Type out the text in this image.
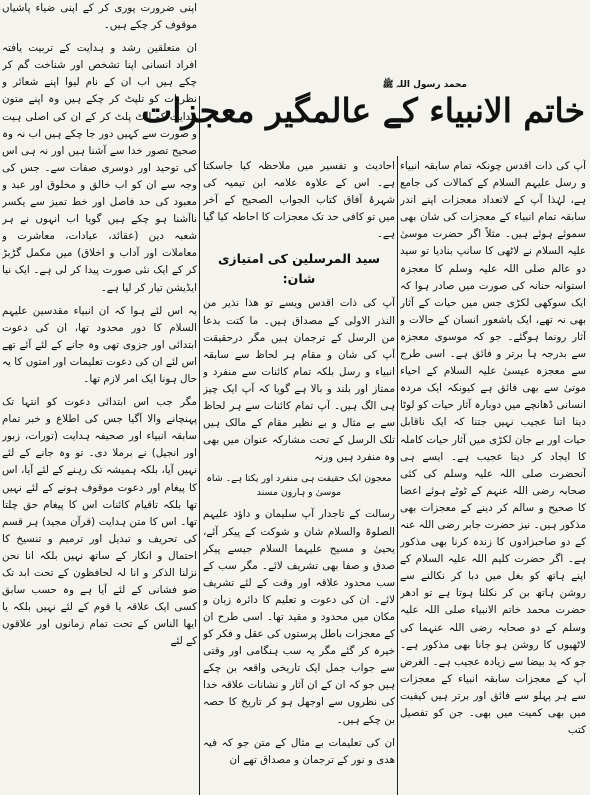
اپنی ضرورت پوری کر کے اپنی ضیاء پاشیاں موقوف کر چکے ہیں۔

ان متعلقین رشد و ہدایت کے تربیت یافتہ افراد انسانی اپنا تشخص اور شناخت گم کر چکے ہیں اب ان کے نام لیوا اپنے شعائر و نظریات کو تلپٹ کر چکے ہیں وہ اپنے متون ہدایت کو الٹ پلٹ کر کے ان کی اصلی ہیت و صورت سے کہیں دور جا چکے ہیں اب نہ وہ صحیح تصور خدا سے آشنا ہیں اور نہ ہی اس کی توحید اور دوسری صفات سے۔ جس کی وجہ سے ان کو اب خالق و مخلوق اور عبد و معبود کی حد فاصل اور خط تمیز سے یکسر ناآشنا ہو چکے ہیں گویا اب انہوں نے ہر شعبہ دین (عقائد، عبادات، معاشرت و معاملات اور آداب و اخلاق) میں مکمل گڑبڑ کر کے ایک نئی صورت پیدا کر لی ہے۔ ایک نیا ایڈیشن تیار کر لیا ہے۔

یہ اس لئے ہوا کہ ان انبیاء مقدسین علیہم السلام کا دور محدود تھا، ان کی دعوت ابتدائی اور جزوی تھی وہ جانے کے لئے آئے تھے اس لئے ان کی دعوت تعلیمات اور امتوں کا یہ حال ہونا ایک امر لازم تھا۔

مگر جب اس ابتدائی دعوت کو انتہا تک پہنچانے والا آگیا جس کی اطلاع و خبر تمام سابقہ انبیاء اور صحیفہ ہدایت (تورات، زبور اور انجیل) نے برملا دی۔ تو وہ جانے کے لئے نہیں آیا، بلکہ ہمیشہ تک رہنے کے لئے آیا، اس کا پیغام اور دعوت موقوف ہونے کے لئے نہیں تھا بلکہ تاقیام کائنات اس کا پیغام حق چلتا تھا۔ اس کا متن ہدایت (قرآن مجید) ہر قسم کی تحریف و تبدیل اور ترمیم و تنسیخ کا احتمال و انکار کے ساتھ نہیں بلکہ انا نحن نزلنا الذکر و انا لہ لحافظون کے تحت ابد تک ضو فشانی کے لئے آیا ہے وہ حسب سابق کسی ایک علاقہ یا قوم کے لئے نہیں بلکہ یا ایھا الناس کے تحت تمام زمانوں اور علاقوں کے لئے

محمد رسول اللہ ﷺ
خاتم الانبیاء کے عالمگیر معجزات

آپ کی ذات اقدس چونکہ تمام سابقہ انبیاء و رسل علیہم السلام کے کمالات کی جامع ہے، لہٰذا آپ کے لاتعداد معجزات اپنے اندر سابقہ تمام انبیاء کے معجزات کی شان بھی سموئے ہوئے ہیں۔ مثلاً اگر حضرت موسیٰ علیہ السلام نے لاٹھی کا سانپ بنادیا تو سید دو عالم صلی اللہ علیہ وسلم کا معجزہ استوانہ حنانہ کی صورت میں صادر ہوا کہ ایک سوکھی لکڑی جس میں حیات کے آثار بھی نہ تھے، ایک باشعور انسان کے حالات و آثار رونما ہوگئے۔ جو کہ موسوی معجزہ سے بدرجہ ہا برتر و فائق ہے۔ اسی طرح سے معجزہ عیسیٰ علیہ السلام کے احیاء موتیٰ سے بھی فائق ہے کیونکہ ایک مردہ انسانی ڈھانچے میں دوبارہ آثار حیات کو لوٹا دینا اتنا عجیب نہیں جتنا کہ ایک ناقابل حیات اور بے جان لکڑی میں آثار حیات کاملہ کا ایجاد کر دینا عجیب ہے۔ ایسے ہی آنحضرت صلی اللہ علیہ وسلم کی کئی صحابہ رضی اللہ عنہم کے ٹوٹے ہوئے اعضا کا صحیح و سالم کر دینے کے معجزات بھی مذکور ہیں۔ نیز حضرت جابر رضی اللہ عنہ کے دو صاحبزادوں کا زندہ کرنا بھی مذکور ہے۔ اگر حضرت کلیم اللہ علیہ السلام کے اپنے ہاتھ کو بغل میں دبا کر نکالنے سے روشن ہاتھ بن کر نکلنا ہوتا ہے تو ادھر حضرت محمد خاتم الانبیاء صلی اللہ علیہ وسلم کے دو صحابہ رضی اللہ عنہما کی لاٹھیوں کا روشن ہو جانا بھی مذکور ہے۔ جو کہ ید بیضا سے زیادہ عجیب ہے۔ الغرض آپ کے معجزات سابقہ انبیاء کے معجزات سے ہر پہلو سے فائق اور برتر ہیں کیفیت میں بھی کمیت میں بھی۔ جن کو تفصیل کتب

احادیث و تفسیر میں ملاحظہ کیا جاسکتا ہے۔ اس کے علاوہ علامہ ابن تیمیہ کی شہرۂ آفاق کتاب الجواب الصحیح کے آخر میں تو کافی حد تک معجزات کا احاطہ کیا گیا ہے۔

سید المرسلین کی امتیازی شان:

آپ کی ذات اقدس ویسے تو ھذا نذیر من النذر الاولی کے مصداق ہیں۔ ما کتت بدعا من الرسل کے ترجمان ہیں مگر درحقیقت آپ کی شان و مقام ہر لحاظ سے سابقہ انبیاء و رسل بلکہ تمام کائنات سے منفرد و ممتاز اور بلند و بالا ہے گویا کہ آپ ایک چیز ہی الگ ہیں۔ آپ تمام کائنات سے ہر لحاظ سے بے مثال و بے نظیر مقام کے مالک ہیں تلک الرسل کے تحت مشارکہ عنوان میں بھی وہ منفرد ہیں ورنہ

معجون ایک حقیقت ہی منفرد اور یکتا ہے۔ شاہ موسیٰ و ہارون مسند

رسالت کے تاجدار آپ سلیمان و داؤد علیہم الصلوۃ والسلام شان و شوکت کے پیکر آئے، یحییٰ و مسیح علیہما السلام جیسے پیکر صدق و صفا بھی تشریف لائے۔ مگر سب کے سب محدود علاقہ اور وقت کے لئے تشریف لائے۔ ان کی دعوت و تعلیم کا دائرہ زبان و مکان میں محدود و مقید تھا۔ اسی طرح ان کے معجزات باطل پرستوں کی عقل و فکر کو خیرہ کر گئے مگر یہ سب ہنگامی اور وقتی سے جواب جمل ایک تاریخی واقعہ بن چکے ہیں جو کہ ان کے ان آثار و نشانات علاقہ خدا کی نظروں سے اوجھل ہو کر تاریخ کا حصہ بن چکے ہیں۔

ان کی تعلیمات بے مثال کے متن جو کہ فیہ ھدی و نور کے ترجمان و مصداق تھے ان
